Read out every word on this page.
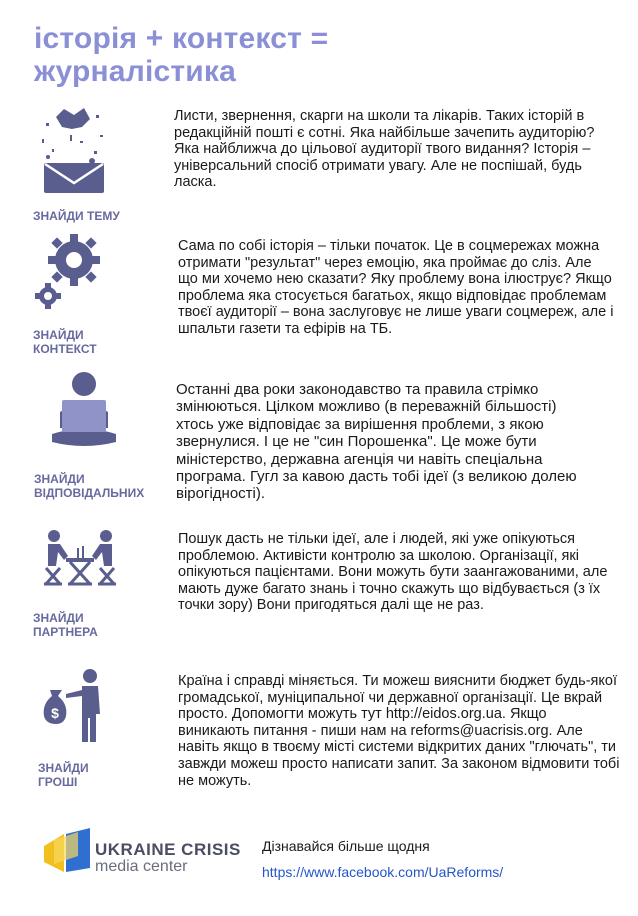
історія + контекст =
журналістика
ЗНАЙДИ ТЕМУ
Листи, звернення, скарги на школи та лікарів. Таких історій в редакційній пошті є сотні. Яка найбільше зачепить аудиторію? Яка найближча до цільової аудиторії твого видання? Історія – універсальний спосіб отримати увагу. Але не поспішай, будь ласка.
ЗНАЙДИ
КОНТЕКСТ
Сама по собі історія – тільки початок. Це в соцмережах можна отримати "результат" через емоцію, яка проймає до сліз. Але що ми хочемо нею сказати? Яку проблему вона ілюструє? Якщо проблема яка стосується багатьох, якщо відповідає проблемам твоєї аудиторії – вона заслуговує не лише уваги соцмереж, але і шпальти газети та ефірів на ТБ.
ЗНАЙДИ
ВІДПОВІДАЛЬНИХ
Останні два роки законодавство та правила стрімко змінюються. Цілком можливо (в переважній більшості) хтось уже відповідає за вирішення проблеми, з якою звернулися. І це не "син Порошенка". Це може бути міністерство, державна агенція чи навіть спеціальна програма. Гугл за кавою дасть тобі ідеї (з великою долею вірогідності).
ЗНАЙДИ
ПАРТНЕРА
Пошук дасть не тільки ідеї, але і людей, які уже опікуються проблемою. Активісти контролю за школою. Організації, які опікуються пацієнтами. Вони можуть бути заангажованими, але мають дуже багато знань і точно скажуть що відбувається (з їх точки зору) Вони пригодяться далі ще не раз.
$
ЗНАЙДИ
ГРОШІ
Країна і справді міняється. Ти можеш вияснити бюджет будь-якої громадської, муніципальної чи державної організації. Це вкрай просто. Допомогти можуть тут http://eidos.org.ua. Якщо виникають питання - пиши нам на reforms@uacrisis.org. Але навіть якщо в твоєму місті системи відкритих даних "глючать", ти завжди можеш просто написати запит. За законом відмовити тобі не можуть.
UKRAINE CRISIS
media center
Дізнавайся більше щодня
https://www.facebook.com/UaReforms/
